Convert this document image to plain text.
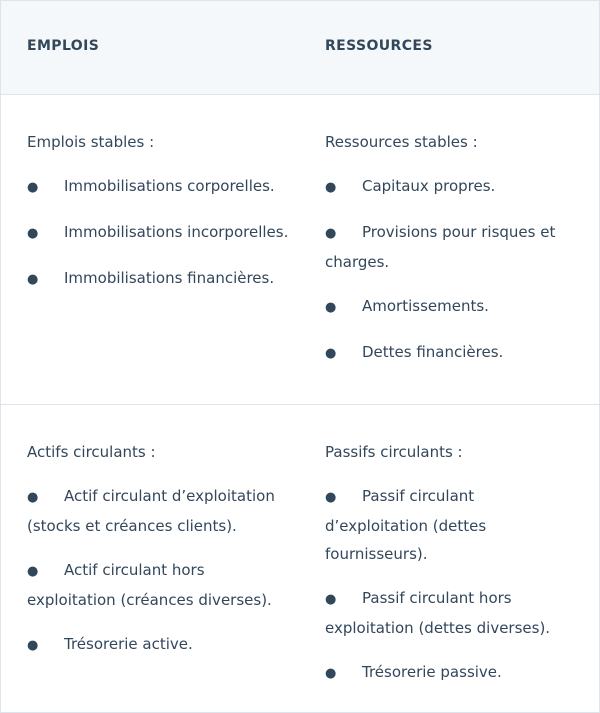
EMPLOIS	RESSOURCES
Emplois stables :
● Immobilisations corporelles.
● Immobilisations incorporelles.
● Immobilisations financières.
Ressources stables :
● Capitaux propres.
● Provisions pour risques et charges.
● Amortissements.
● Dettes financières.
Actifs circulants :
● Actif circulant d’exploitation (stocks et créances clients).
● Actif circulant hors exploitation (créances diverses).
● Trésorerie active.
Passifs circulants :
● Passif circulant d’exploitation (dettes fournisseurs).
● Passif circulant hors exploitation (dettes diverses).
● Trésorerie passive.
